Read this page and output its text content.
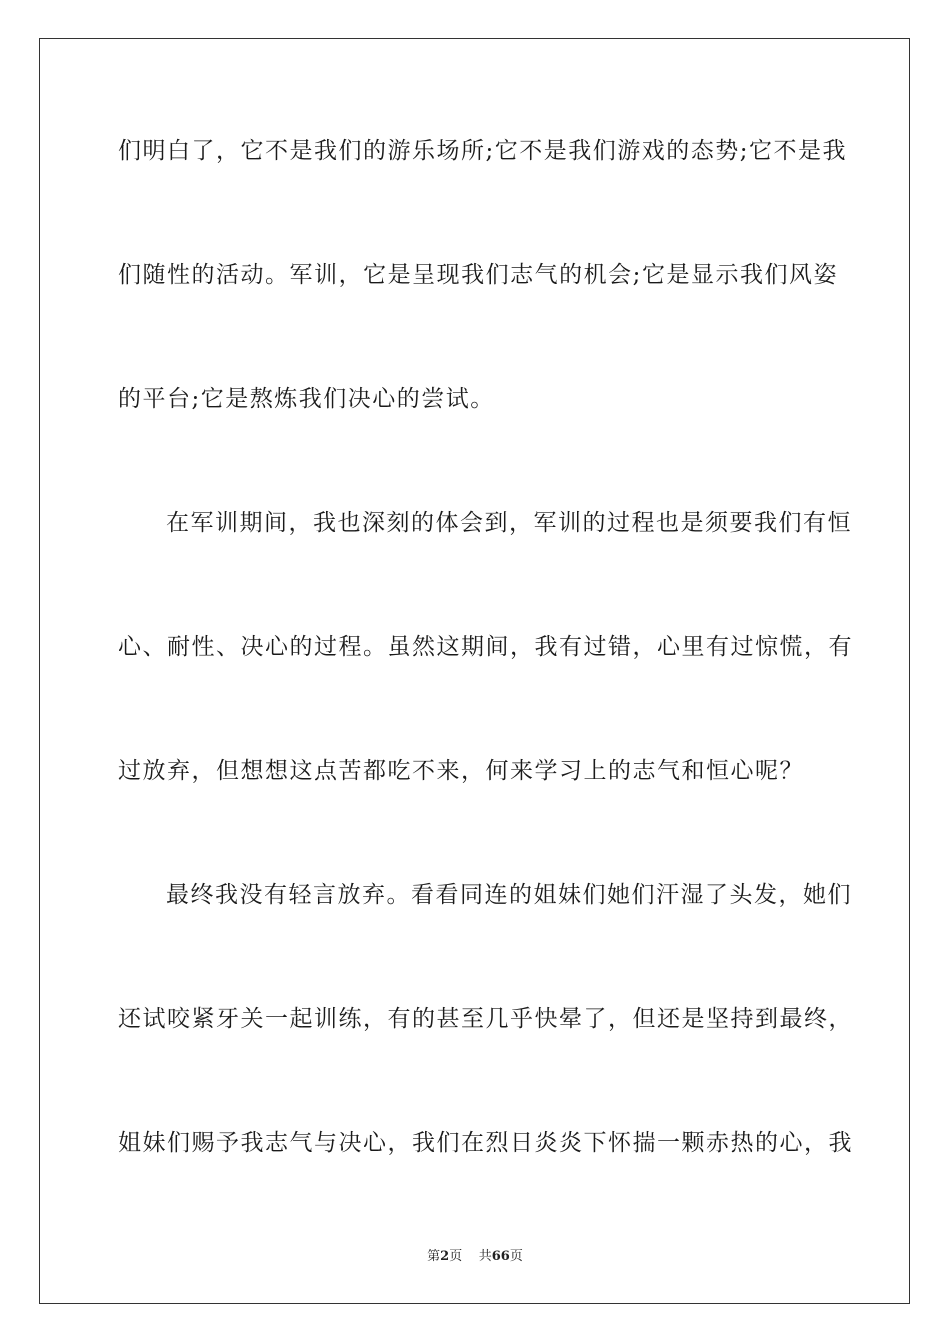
们明白了，它不是我们的游乐场所;它不是我们游戏的态势;它不是我
们随性的活动。军训，它是呈现我们志气的机会;它是显示我们风姿
的平台;它是熬炼我们决心的尝试。
在军训期间，我也深刻的体会到，军训的过程也是须要我们有恒
心、耐性、决心的过程。虽然这期间，我有过错，心里有过惊慌，有
过放弃，但想想这点苦都吃不来，何来学习上的志气和恒心呢？
最终我没有轻言放弃。看看同连的姐妹们她们汗湿了头发，她们
还试咬紧牙关一起训练，有的甚至几乎快晕了，但还是坚持到最终，
姐妹们赐予我志气与决心，我们在烈日炎炎下怀揣一颗赤热的心，我
第2页 共66页
